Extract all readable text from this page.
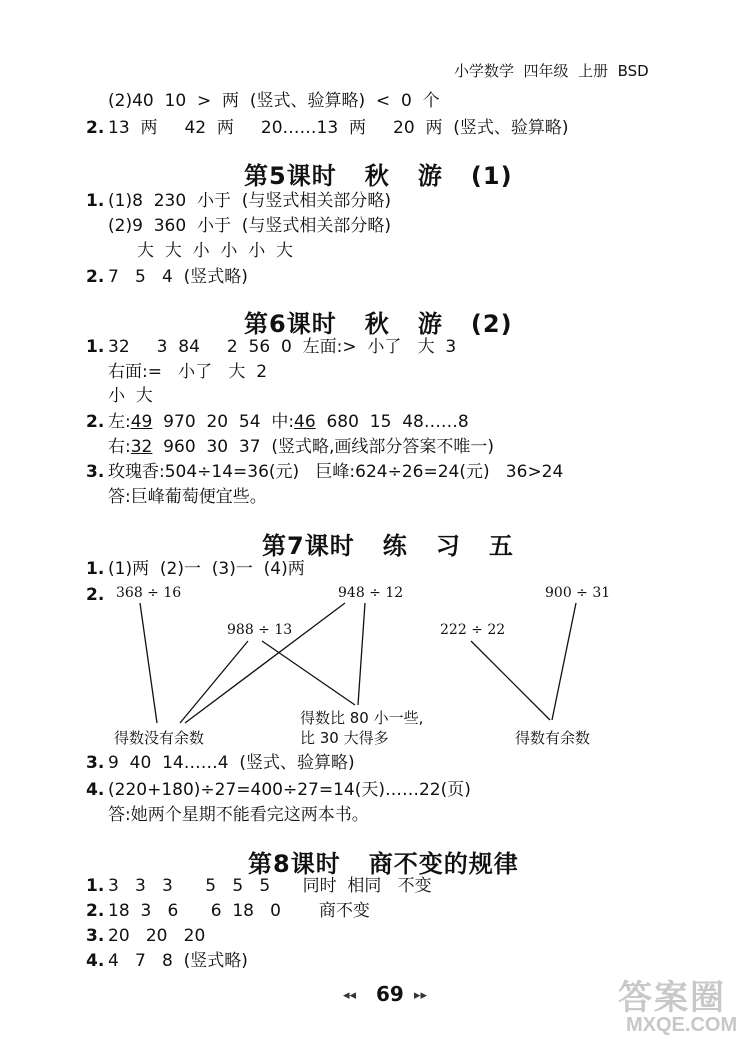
小学数学  四年级  上册  BSD
(2)40  10  >  两  (竖式、验算略)  <  0  个
2. 13  两     42  两     20……13  两     20  两  (竖式、验算略)
第5课时   秋   游   (1)
1. (1)8  230  小于  (与竖式相关部分略)
(2)9  360  小于  (与竖式相关部分略)
大  大  小  小  小  大
2. 7   5   4  (竖式略)
第6课时   秋   游   (2)
1. 32     3  84     2  56  0  左面:>  小了   大  3
右面:=   小了   大  2
小  大
2. 左:49  970  20  54  中:46  680  15  48……8
右:32  960  30  37  (竖式略,画线部分答案不唯一)
3. 玫瑰香:504÷14=36(元)   巨峰:624÷26=24(元)   36>24
答:巨峰葡萄便宜些。
第7课时   练   习   五
1. (1)两  (2)一  (3)一  (4)两
2. 368 ÷ 16	948 ÷ 12	900 ÷ 31
988 ÷ 13	222 ÷ 22
得数没有余数
得数比 80 小一些,
比 30 大得多	得数有余数
3. 9  40  14……4  (竖式、验算略)
4. (220+180)÷27=400÷27=14(天)……22(页)
答:她两个星期不能看完这两本书。
第8课时   商不变的规律
1. 3   3   3      5   5   5      同时  相同   不变
2. 18  3   6      6  18   0       商不变
3. 20   20   20
4. 4   7   8  (竖式略)
◂◂ 69 ▸▸	答案圈
MXQE.COM
